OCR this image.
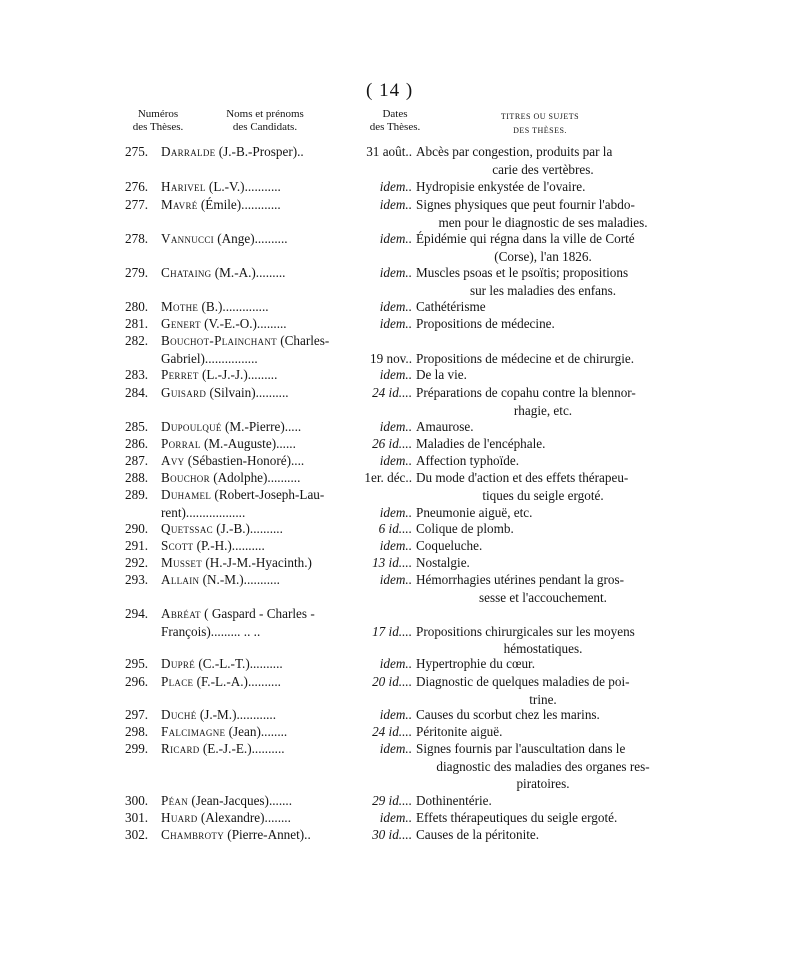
( 14 )
Numéros
des Thèses.
Noms et prénoms
des Candidats.
Dates
des Thèses.
TITRES OU SUJETS
DES THÈSES.
275. Darralde (J.-B.-Prosper)..	31 août.. Abcès par congestion, produits par la
carie des vertèbres.
276. Harivel (L.-V.)...........	idem.. Hydropisie enkystée de l'ovaire.
277. Mavré (Émile)............	idem.. Signes physiques que peut fournir l'abdo-
men pour le diagnostic de ses maladies.
278. Vannucci (Ange)..........	idem.. Épidémie qui régna dans la ville de Corté
(Corse), l'an 1826.
279. Chataing (M.-A.).........	idem.. Muscles psoas et le psoïtis; propositions
sur les maladies des enfans.
280. Mothe (B.)..............	idem.. Cathétérisme
281. Genert (V.-E.-O.).........	idem.. Propositions de médecine.
282. Bouchot-Plainchant (Charles-
Gabriel)................	19 nov.. Propositions de médecine et de chirurgie.
283. Perret (L.-J.-J.).........	idem.. De la vie.
284. Guisard (Silvain)..........	24 id.... Préparations de copahu contre la blennor-
rhagie, etc.
285. Dupoulqué (M.-Pierre).....	idem.. Amaurose.
286. Porral (M.-Auguste)......	26 id.... Maladies de l'encéphale.
287. Avy (Sébastien-Honoré)....	idem.. Affection typhoïde.
288. Bouchor (Adolphe)..........	1er. déc.. Du mode d'action et des effets thérapeu-
tiques du seigle ergoté.
289. Duhamel (Robert-Joseph-Lau-
rent)..................	idem.. Pneumonie aiguë, etc.
290. Quetssac (J.-B.)..........	6 id.... Colique de plomb.
291. Scott (P.-H.)..........	idem.. Coqueluche.
292. Musset (H.-J-M.-Hyacinth.)	13 id.... Nostalgie.
293. Allain (N.-M.)...........	idem.. Hémorrhagies utérines pendant la gros-
sesse et l'accouchement.
294. Abréat ( Gaspard - Charles -
François)......... .. ..	17 id.... Propositions chirurgicales sur les moyens
hémostatiques.
295. Dupré (C.-L.-T.)..........	idem.. Hypertrophie du cœur.
296. Place (F.-L.-A.)..........	20 id.... Diagnostic de quelques maladies de poi-
trine.
297. Duché (J.-M.)............	idem.. Causes du scorbut chez les marins.
298. Falcimagne (Jean)........	24 id.... Péritonite aiguë.
299. Ricard (E.-J.-E.)..........	idem.. Signes fournis par l'auscultation dans le
diagnostic des maladies des organes res-
piratoires.
300. Péan (Jean-Jacques).......	29 id.... Dothinentérie.
301. Huard (Alexandre)........	idem.. Effets thérapeutiques du seigle ergoté.
302. Chambroty (Pierre-Annet)..	30 id.... Causes de la péritonite.
